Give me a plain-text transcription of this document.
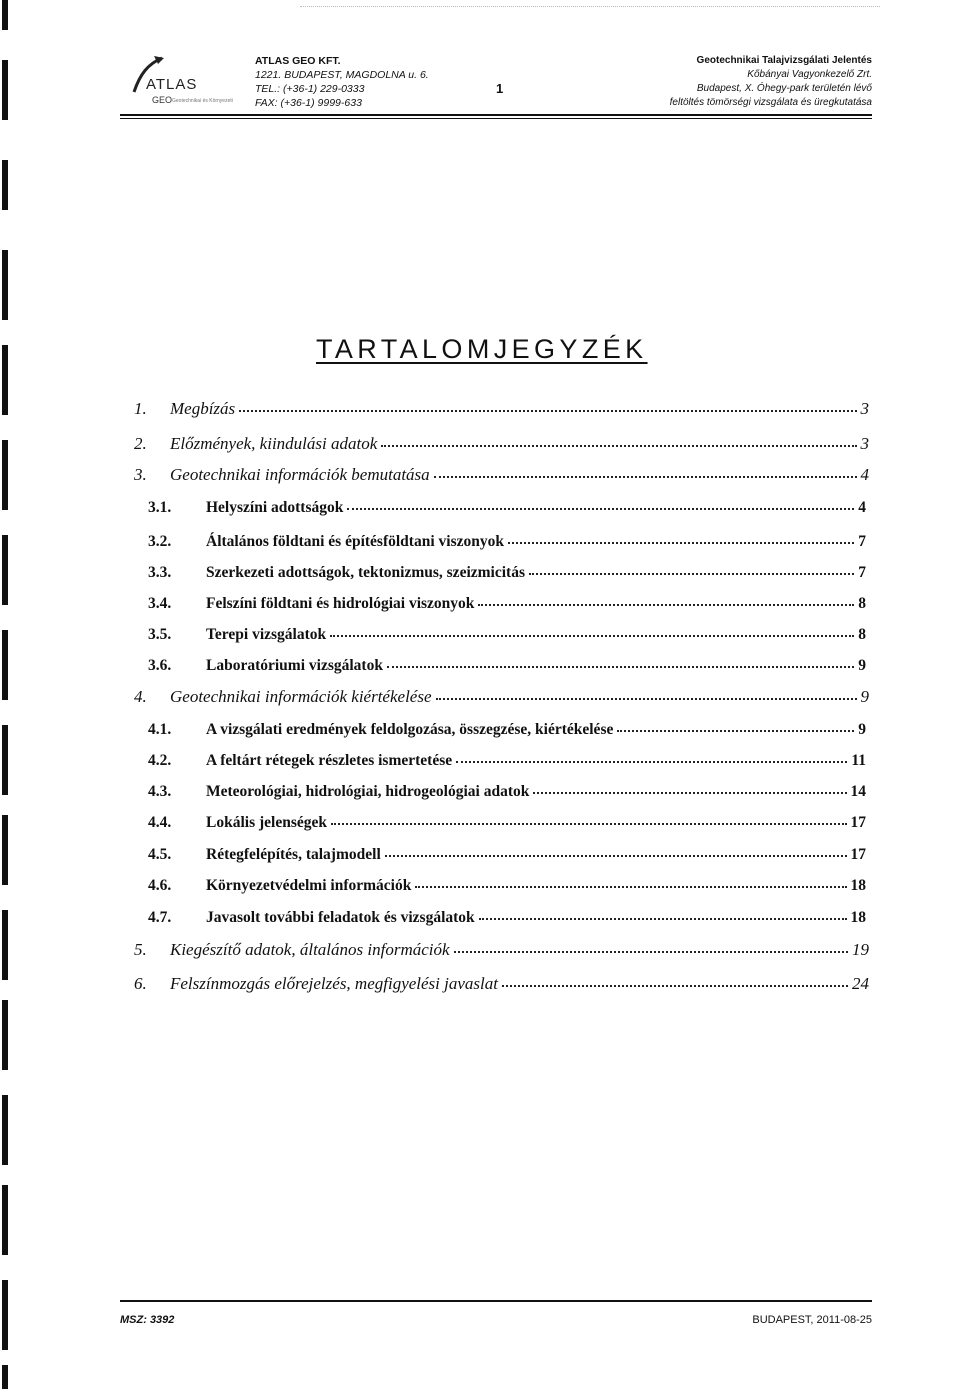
ATLAS
GEO Geotechnikai és Környezeti
ATLAS GEO KFT.
1221. BUDAPEST, MAGDOLNA u. 6.
TEL.: (+36-1) 229-0333
FAX: (+36-1) 9999-633
1
Geotechnikai Talajvizsgálati Jelentés
Kőbányai Vagyonkezelő Zrt.
Budapest, X. Óhegy-park területén lévő
feltöltés tömörségi vizsgálata és üregkutatása
TARTALOMJEGYZÉK
1.	Megbízás	3
2.	Előzmények, kiindulási adatok	3
3.	Geotechnikai információk bemutatása	4
3.1.	Helyszíni adottságok	4
3.2.	Általános földtani és építésföldtani viszonyok	7
3.3.	Szerkezeti adottságok, tektonizmus, szeizmicitás	7
3.4.	Felszíni földtani és hidrológiai viszonyok	8
3.5.	Terepi vizsgálatok	8
3.6.	Laboratóriumi vizsgálatok	9
4.	Geotechnikai információk kiértékelése	9
4.1.	A vizsgálati eredmények feldolgozása, összegzése, kiértékelése	9
4.2.	A feltárt rétegek részletes ismertetése	11
4.3.	Meteorológiai, hidrológiai, hidrogeológiai adatok	14
4.4.	Lokális jelenségek	17
4.5.	Rétegfelépítés, talajmodell	17
4.6.	Környezetvédelmi információk	18
4.7.	Javasolt további feladatok és vizsgálatok	18
5.	Kiegészítő adatok, általános információk	19
6.	Felszínmozgás előrejelzés, megfigyelési javaslat	24
MSZ: 3392	BUDAPEST, 2011-08-25
